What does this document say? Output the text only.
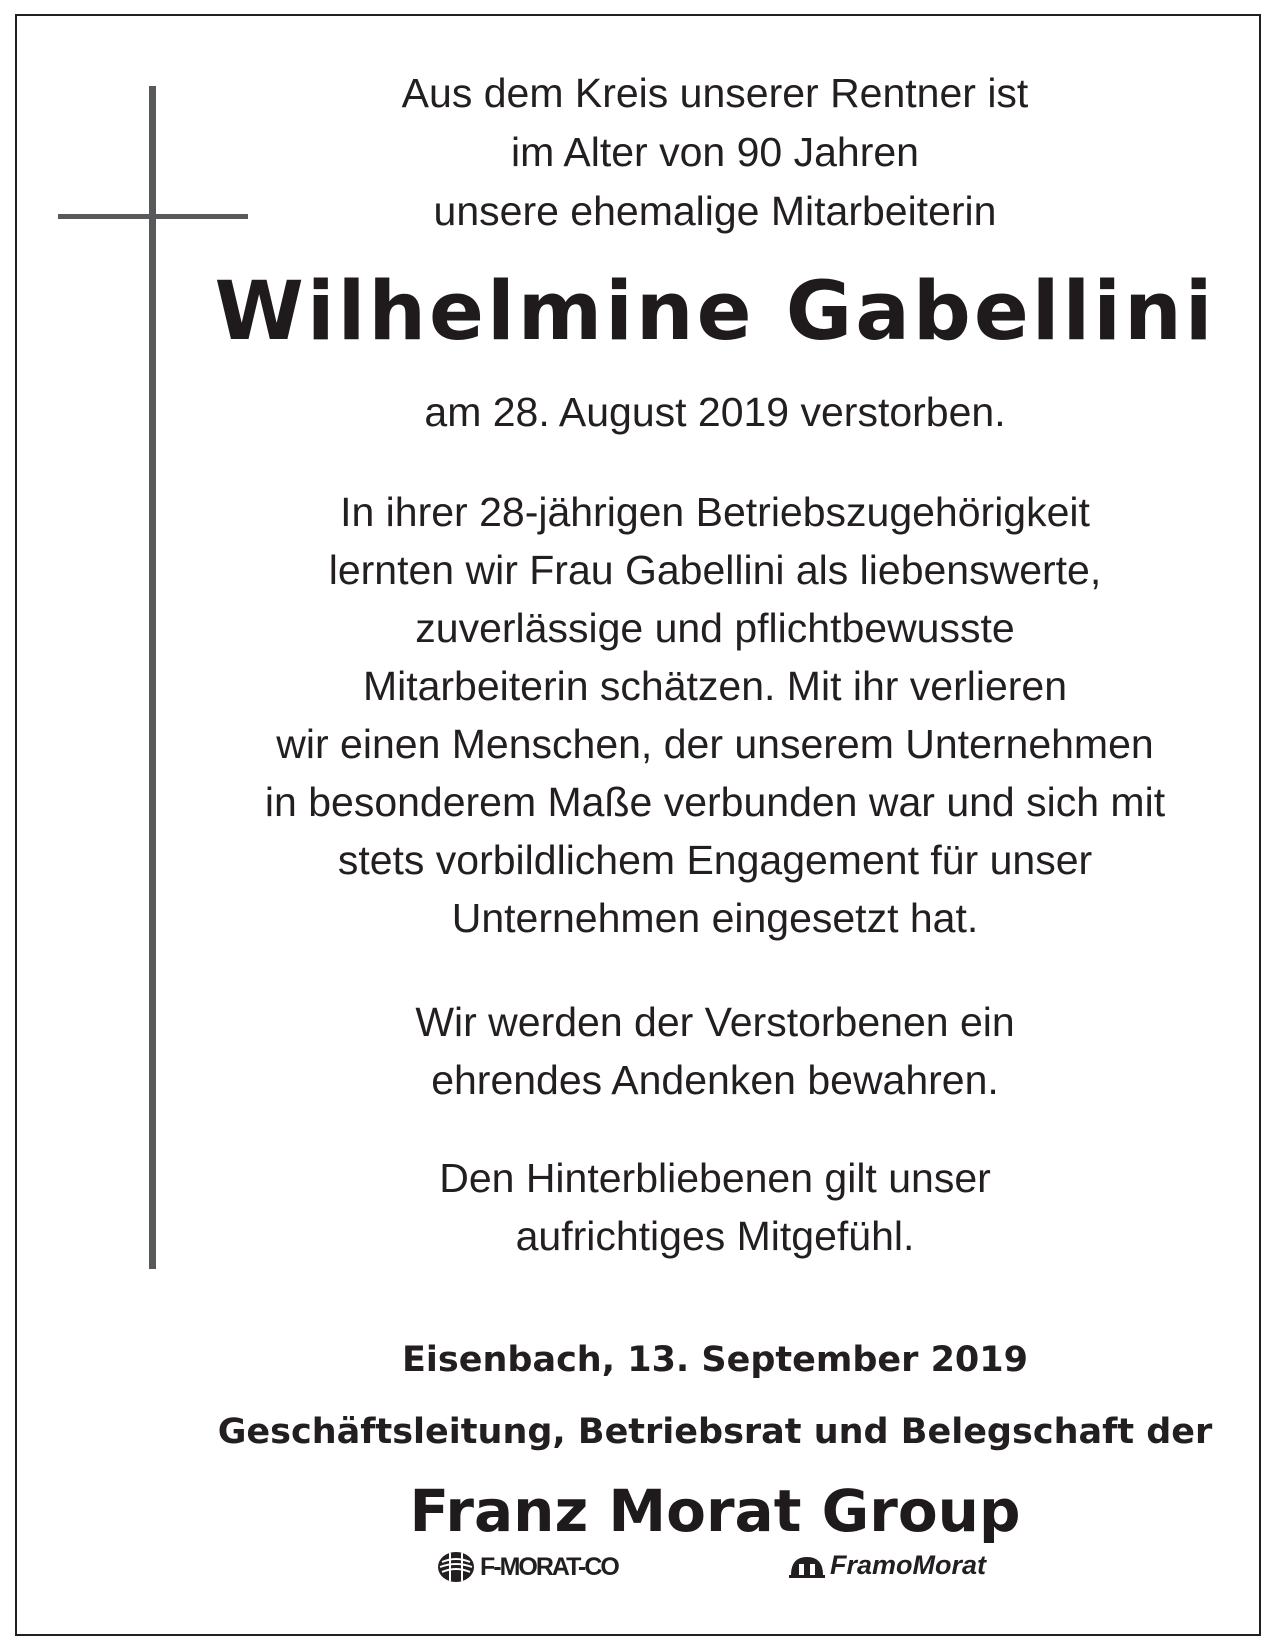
Aus dem Kreis unserer Rentner ist
im Alter von 90 Jahren
unsere ehemalige Mitarbeiterin
Wilhelmine Gabellini
am 28. August 2019 verstorben.
In ihrer 28-jährigen Betriebszugehörigkeit
lernten wir Frau Gabellini als liebenswerte,
zuverlässige und pflichtbewusste
Mitarbeiterin schätzen. Mit ihr verlieren
wir einen Menschen, der unserem Unternehmen
in besonderem Maße verbunden war und sich mit
stets vorbildlichem Engagement für unser
Unternehmen eingesetzt hat.
Wir werden der Verstorbenen ein
ehrendes Andenken bewahren.
Den Hinterbliebenen gilt unser
aufrichtiges Mitgefühl.
Eisenbach, 13. September 2019
Geschäftsleitung, Betriebsrat und Belegschaft der
Franz Morat Group
F-MORAT-CO	FramoMorat
